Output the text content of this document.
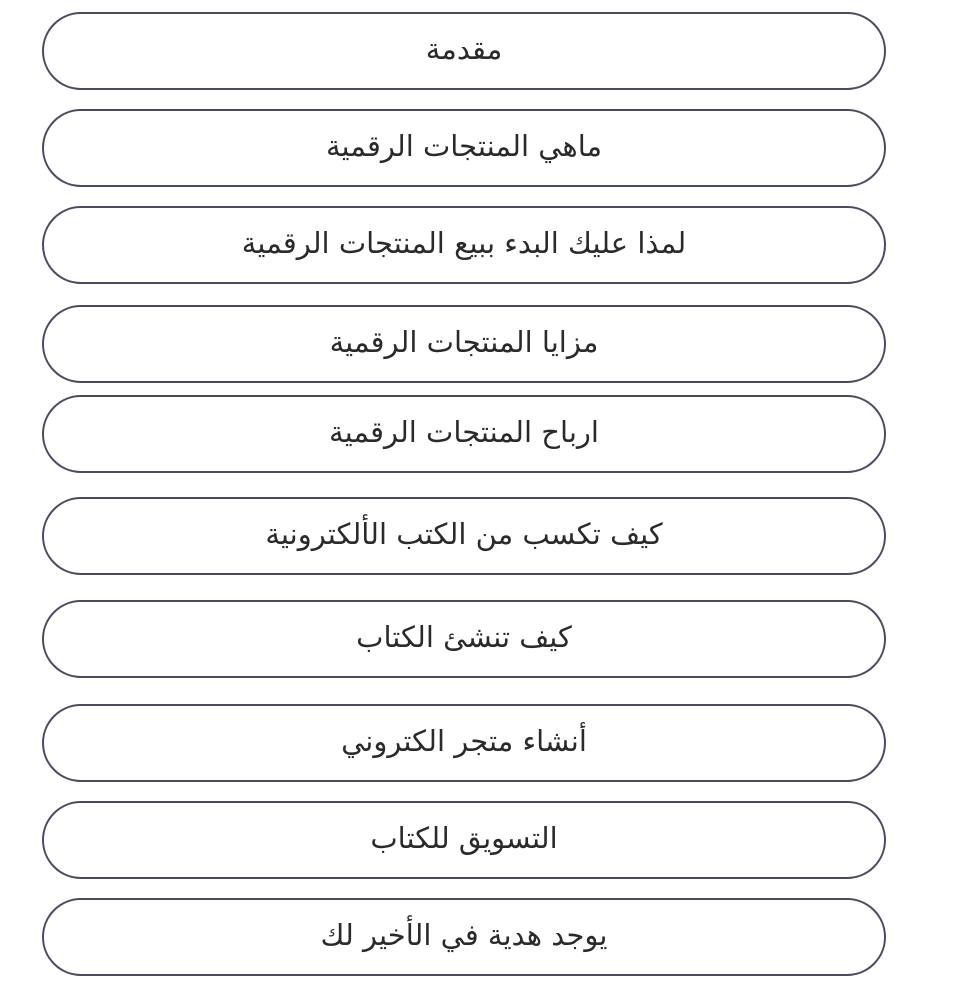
مقدمة
ماهي المنتجات الرقمية
لمذا عليك البدء ببيع المنتجات الرقمية
مزايا المنتجات الرقمية
ارباح المنتجات الرقمية
كيف تكسب من الكتب الألكترونية
كيف تنشئ الكتاب
أنشاء متجر الكتروني
التسويق للكتاب
يوجد هدية في الأخير لك
